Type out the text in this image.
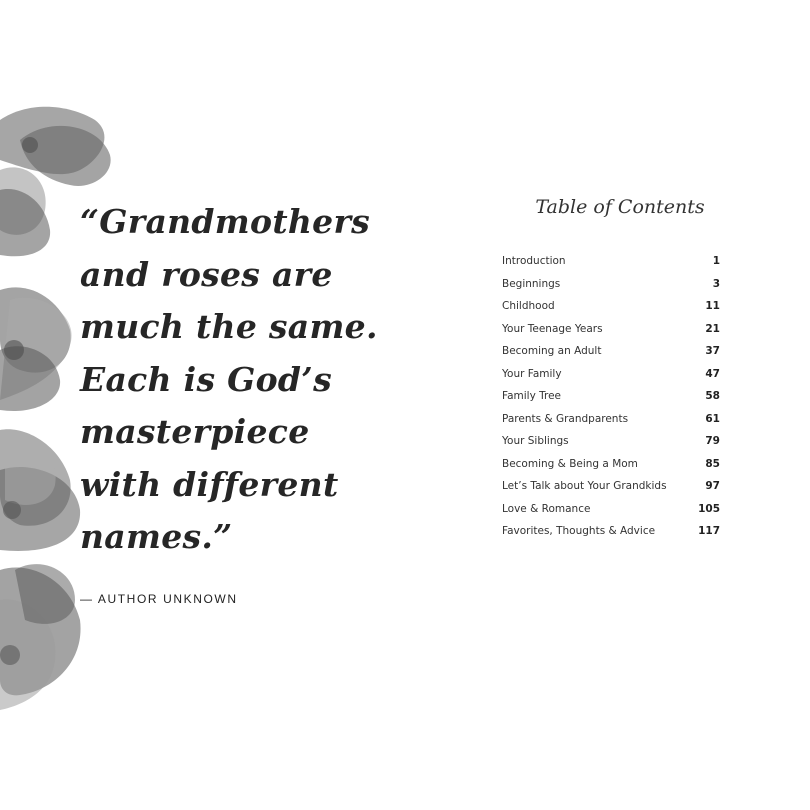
“Grandmothers
and roses are
much the same.
Each is God’s
masterpiece
with different
names.”
— AUTHOR UNKNOWN
Table of Contents
Introduction	1
Beginnings	3
Childhood	11
Your Teenage Years	21
Becoming an Adult	37
Your Family	47
Family Tree	58
Parents & Grandparents	61
Your Siblings	79
Becoming & Being a Mom	85
Let’s Talk about Your Grandkids	97
Love & Romance	105
Favorites, Thoughts & Advice	117
